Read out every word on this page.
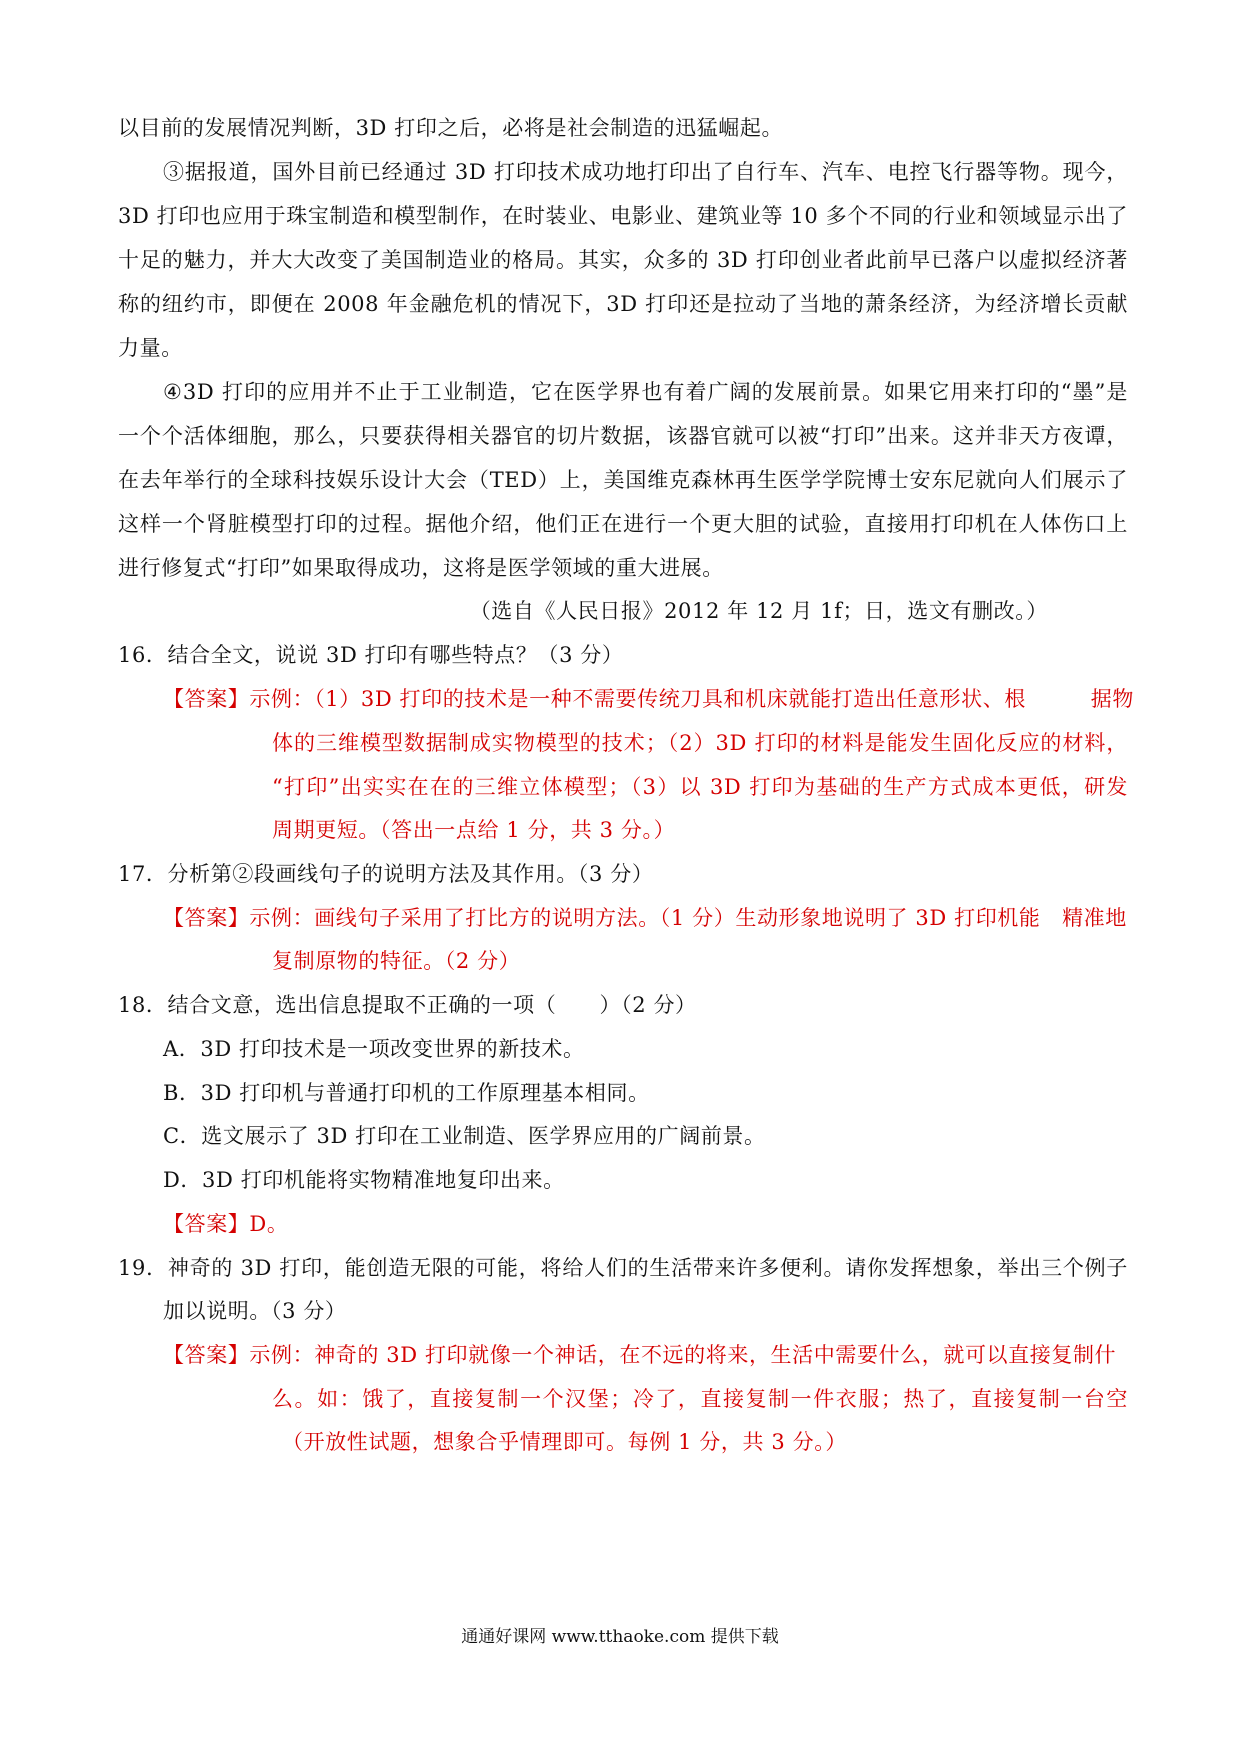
以目前的发展情况判断，3D 打印之后，必将是社会制造的迅猛崛起。
③据报道，国外目前已经通过 3D 打印技术成功地打印出了自行车、汽车、电控飞行器等物。现今，
3D 打印也应用于珠宝制造和模型制作，在时装业、电影业、建筑业等 10 多个不同的行业和领域显示出了
十足的魅力，并大大改变了美国制造业的格局。其实，众多的 3D 打印创业者此前早已落户以虚拟经济著
称的纽约市，即便在 2008 年金融危机的情况下，3D 打印还是拉动了当地的萧条经济，为经济增长贡献
力量。
④3D 打印的应用并不止于工业制造，它在医学界也有着广阔的发展前景。如果它用来打印的“墨”是
一个个活体细胞，那么，只要获得相关器官的切片数据，该器官就可以被“打印”出来。这并非天方夜谭，
在去年举行的全球科技娱乐设计大会（TED）上，美国维克森林再生医学学院博士安东尼就向人们展示了
这样一个肾脏模型打印的过程。据他介绍，他们正在进行一个更大胆的试验，直接用打印机在人体伤口上
进行修复式“打印”如果取得成功，这将是医学领域的重大进展。
（选自《人民日报》2012 年 12 月 1f；日，选文有删改。）
16．结合全文，说说 3D 打印有哪些特点？（3 分）
【答案】示例：（1）3D 打印的技术是一种不需要传统刀具和机床就能打造出任意形状、根　　　据物
体的三维模型数据制成实物模型的技术；（2）3D 打印的材料是能发生固化反应的材料，
“打印”出实实在在的三维立体模型；（3）以 3D 打印为基础的生产方式成本更低，研发
周期更短。（答出一点给 1 分，共 3 分。）
17．分析第②段画线句子的说明方法及其作用。（3 分）
【答案】示例：画线句子采用了打比方的说明方法。（1 分）生动形象地说明了 3D 打印机能　精准地
复制原物的特征。（2 分）
18．结合文意，选出信息提取不正确的一项（　　）（2 分）
A．3D 打印技术是一项改变世界的新技术。
B．3D 打印机与普通打印机的工作原理基本相同。
C．选文展示了 3D 打印在工业制造、医学界应用的广阔前景。
D．3D 打印机能将实物精准地复印出来。
【答案】D。
19．神奇的 3D 打印，能创造无限的可能，将给人们的生活带来许多便利。请你发挥想象，举出三个例子
加以说明。（3 分）
【答案】示例：神奇的 3D 打印就像一个神话，在不远的将来，生活中需要什么，就可以直接复制什
么。如：饿了，直接复制一个汉堡；冷了，直接复制一件衣服；热了，直接复制一台空
（开放性试题，想象合乎情理即可。每例 1 分，共 3 分。）
通通好课网 www.tthaoke.com 提供下载
